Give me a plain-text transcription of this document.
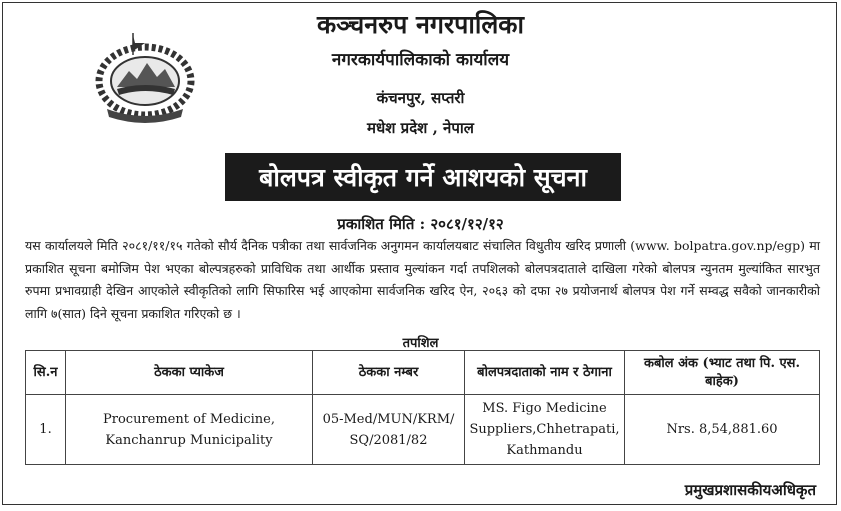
कञ्चनरुप नगरपालिका
नगरकार्यपालिकाको कार्यालय
कंचनपुर, सप्तरी
मधेश प्रदेश , नेपाल
बोलपत्र स्वीकृत गर्ने आशयको सूचना
प्रकाशित मिति : २०८१/१२/१२

यस कार्यालयले मिति २०८१/११/१५ गतेको सौर्य दैनिक पत्रीका तथा सार्वजनिक अनुगमन कार्यालयबाट संचालित विधुतीय खरिद प्रणाली (www. bolpatra.gov.np/egp) मा प्रकाशित सूचना बमोजिम पेश भएका बोल्पत्रहरुको प्राविधिक तथा आर्थीक प्रस्ताव मुल्यांकन गर्दा तपशिलको बोलपत्रदाताले दाखिला गरेको बोलपत्र न्युनतम मुल्यांकित सारभुत रुपमा प्रभावग्राही देखिन आएकोले स्वीकृतिको लागि सिफारिस भई आएकोमा सार्वजनिक खरिद ऐन, २०६३ को दफा २७ प्रयोजनार्थ बोलपत्र पेश गर्ने सम्वद्ध सवैको जानकारीको लागि ७(सात) दिने सूचना प्रकाशित गरिएको छ ।

तपशिल
सि.न	ठेकका प्याकेज	ठेकका नम्बर	बोलपत्रदाताको नाम र ठेगाना	कबोल अंक (भ्याट तथा पि. एस. बाहेक)
1.	Procurement of Medicine, Kanchanrup Municipality	05-Med/MUN/KRM/ SQ/2081/82	MS. Figo Medicine Suppliers,Chhetrapati, Kathmandu	Nrs. 8,54,881.60
प्रमुखप्रशासकीयअधिकृत
